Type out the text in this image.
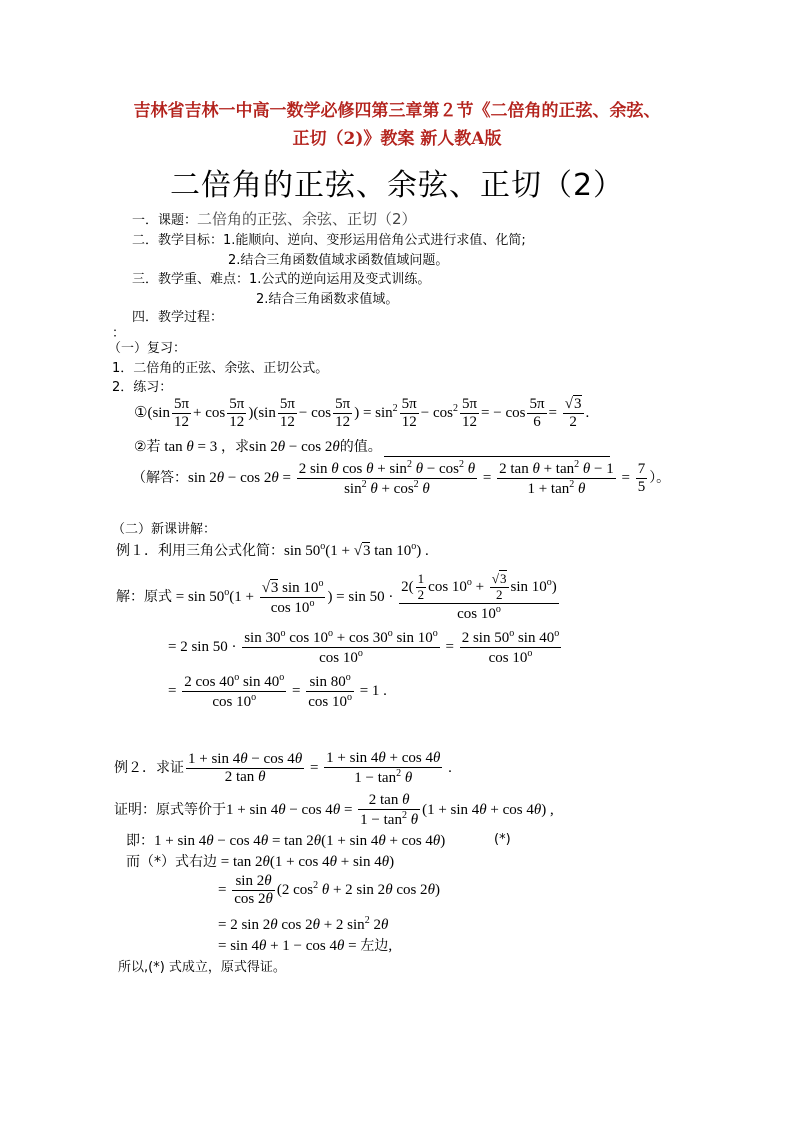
吉林省吉林一中高一数学必修四第三章第２节《二倍角的正弦、余弦、
正切（2)》教案 新人教A版
二倍角的正弦、余弦、正切（2）
一．课题：二倍角的正弦、余弦、正切（2）
二．教学目标：1.能顺向、逆向、变形运用倍角公式进行求值、化简;
2.结合三角函数值域求函数值域问题。
三．教学重、难点：1.公式的逆向运用及变式训练。
2.结合三角函数求值域。
四．教学过程：
：
（一）复习：
1．二倍角的正弦、余弦、正切公式。
2．练习：
①(sin $\frac{5\pi}{12} + \cos \frac{5\pi}{12} )(\sin \frac{5\pi}{12} - \cos \frac{5\pi}{12}$ ) = $\sin^2 \frac{5\pi}{12} - \cos^2 \frac{5\pi}{12}$ = − $\cos \frac{5\pi}{6} = \frac{√3}{2}$ .
②若 tan θ = 3 ，求sin 2θ − cos 2θ的值。
（解答：$\sin 2\theta - \cos 2\theta = \frac{2 \sin \theta \cos \theta + \sin^2 \theta - \cos^2 \theta}{\sin^2 \theta + \cos^2 \theta} = \frac{2 \tan \theta + \tan^2 \theta - 1}{1 + \tan^2 \theta} = \frac{7}{5}$ ）。
（二）新课讲解：
例１．利用三角公式化简：$\sin 50^o(1 + √3$ tan 10$^o$) .
解：原式 = $\sin 50^o(1 + \frac{√3 \sin 10^o}{\cos 10^o}$ ) = $\sin 50 \cdot \frac{2( \frac{1}{2} \cos 10^o + \frac{√3}{2} \sin 10^o)}{\cos 10^o}$
= 2 $\sin 50 \cdot \frac{\sin 30^o \cos 10^o + \cos 30^o \sin 10^o}{\cos 10^o} = \frac{2 \sin 50^o \sin 40^o}{\cos 10^o}$
= $\frac{2 \cos 40^o \sin 40^o}{\cos 10^o} = \frac{\sin 80^o}{\cos 10^o} = 1$ .
例２．求证 $\frac{1 + \sin 4\theta - \cos 4\theta}{\text{2 tan θ}} = \frac{1 + \sin 4\theta + \cos 4\theta}{1 - \tan^2 \theta}$ .
证明：原式等价于$1 + \sin 4\theta - \cos 4\theta = \frac{\text{2 tan θ}}{1 - \tan^2 \theta} (1 + \sin 4\theta + \cos 4\theta)$ ,
即：1 + sin 4θ − cos 4θ = tan 2θ(1 + sin 4θ + cos 4θ)	(*)
而（*）式右边 = tan 2θ(1 + cos 4θ + sin 4θ)
= $\frac{\sin 2\theta}{\cos 2\theta} (2$ $\cos^2 \theta + 2$ sin 2θ cos 2θ)
= 2 sin 2θ cos 2θ + 2 $\sin^2 2\theta$
= sin 4θ + 1 − cos 4θ = 左边,
所以,(*) 式成立，原式得证。
